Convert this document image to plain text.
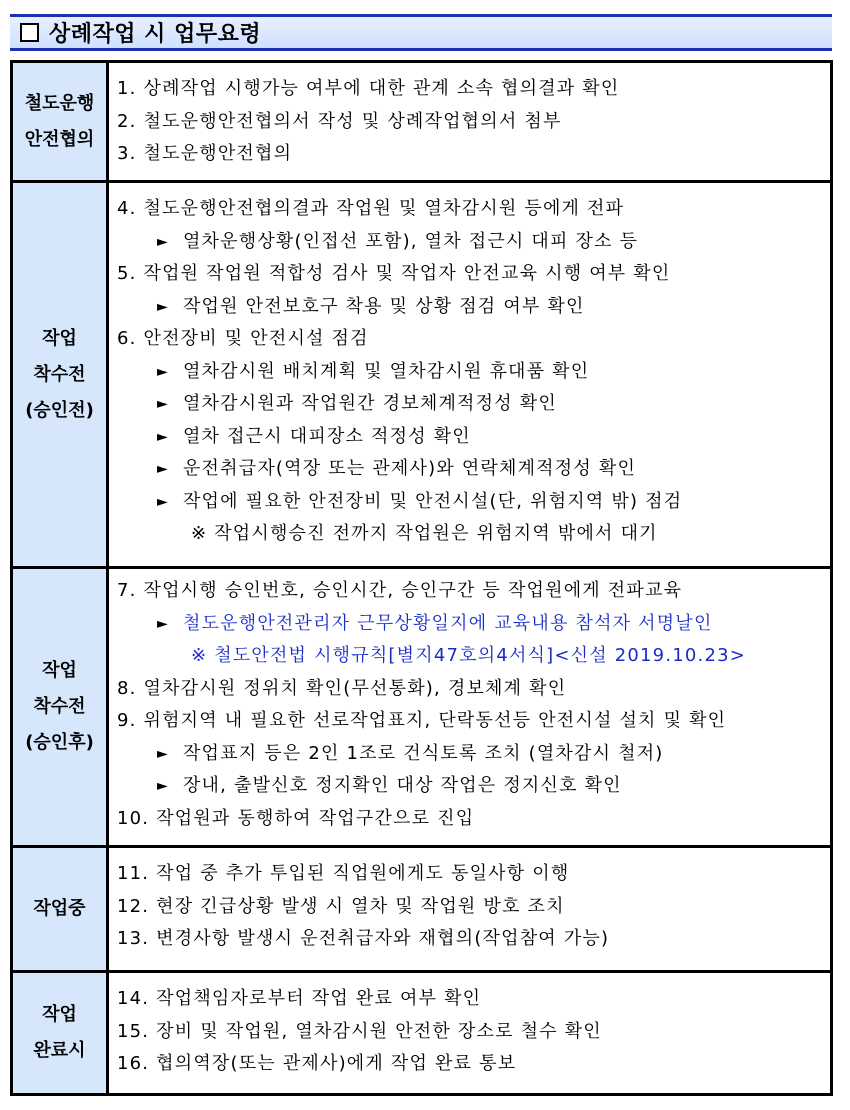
상례작업 시 업무요령
철도운행
안전협의
1. 상례작업 시행가능 여부에 대한 관계 소속 협의결과 확인
2. 철도운행안전협의서 작성 및 상례작업협의서 첨부
3. 철도운행안전협의
작업
착수전
(승인전)
4. 철도운행안전협의결과 작업원 및 열차감시원 등에게 전파
► 열차운행상황(인접선 포함), 열차 접근시 대피 장소 등
5. 작업원 작업원 적합성 검사 및 작업자 안전교육 시행 여부 확인
► 작업원 안전보호구 착용 및 상황 점검 여부 확인
6. 안전장비 및 안전시설 점검
► 열차감시원 배치계획 및 열차감시원 휴대품 확인
► 열차감시원과 작업원간 경보체계적정성 확인
► 열차 접근시 대피장소 적정성 확인
► 운전취급자(역장 또는 관제사)와 연락체계적정성 확인
► 작업에 필요한 안전장비 및 안전시설(단, 위험지역 밖) 점검
※ 작업시행승진 전까지 작업원은 위험지역 밖에서 대기
작업
착수전
(승인후)
7. 작업시행 승인번호, 승인시간, 승인구간 등 작업원에게 전파교육
► 철도운행안전관리자 근무상황일지에 교육내용 참석자 서명날인
※ 철도안전법 시행규칙[별지47호의4서식]<신설 2019.10.23>
8. 열차감시원 정위치 확인(무선통화), 경보체계 확인
9. 위험지역 내 필요한 선로작업표지, 단락동선등 안전시설 설치 및 확인
► 작업표지 등은 2인 1조로 건식토록 조치 (열차감시 철저)
► 장내, 출발신호 정지확인 대상 작업은 정지신호 확인
10. 작업원과 동행하여 작업구간으로 진입
작업중
11. 작업 중 추가 투입된 직업원에게도 동일사항 이행
12. 현장 긴급상황 발생 시 열차 및 작업원 방호 조치
13. 변경사항 발생시 운전취급자와 재협의(작업참여 가능)
작업
완료시
14. 작업책임자로부터 작업 완료 여부 확인
15. 장비 및 작업원, 열차감시원 안전한 장소로 철수 확인
16. 협의역장(또는 관제사)에게 작업 완료 통보
